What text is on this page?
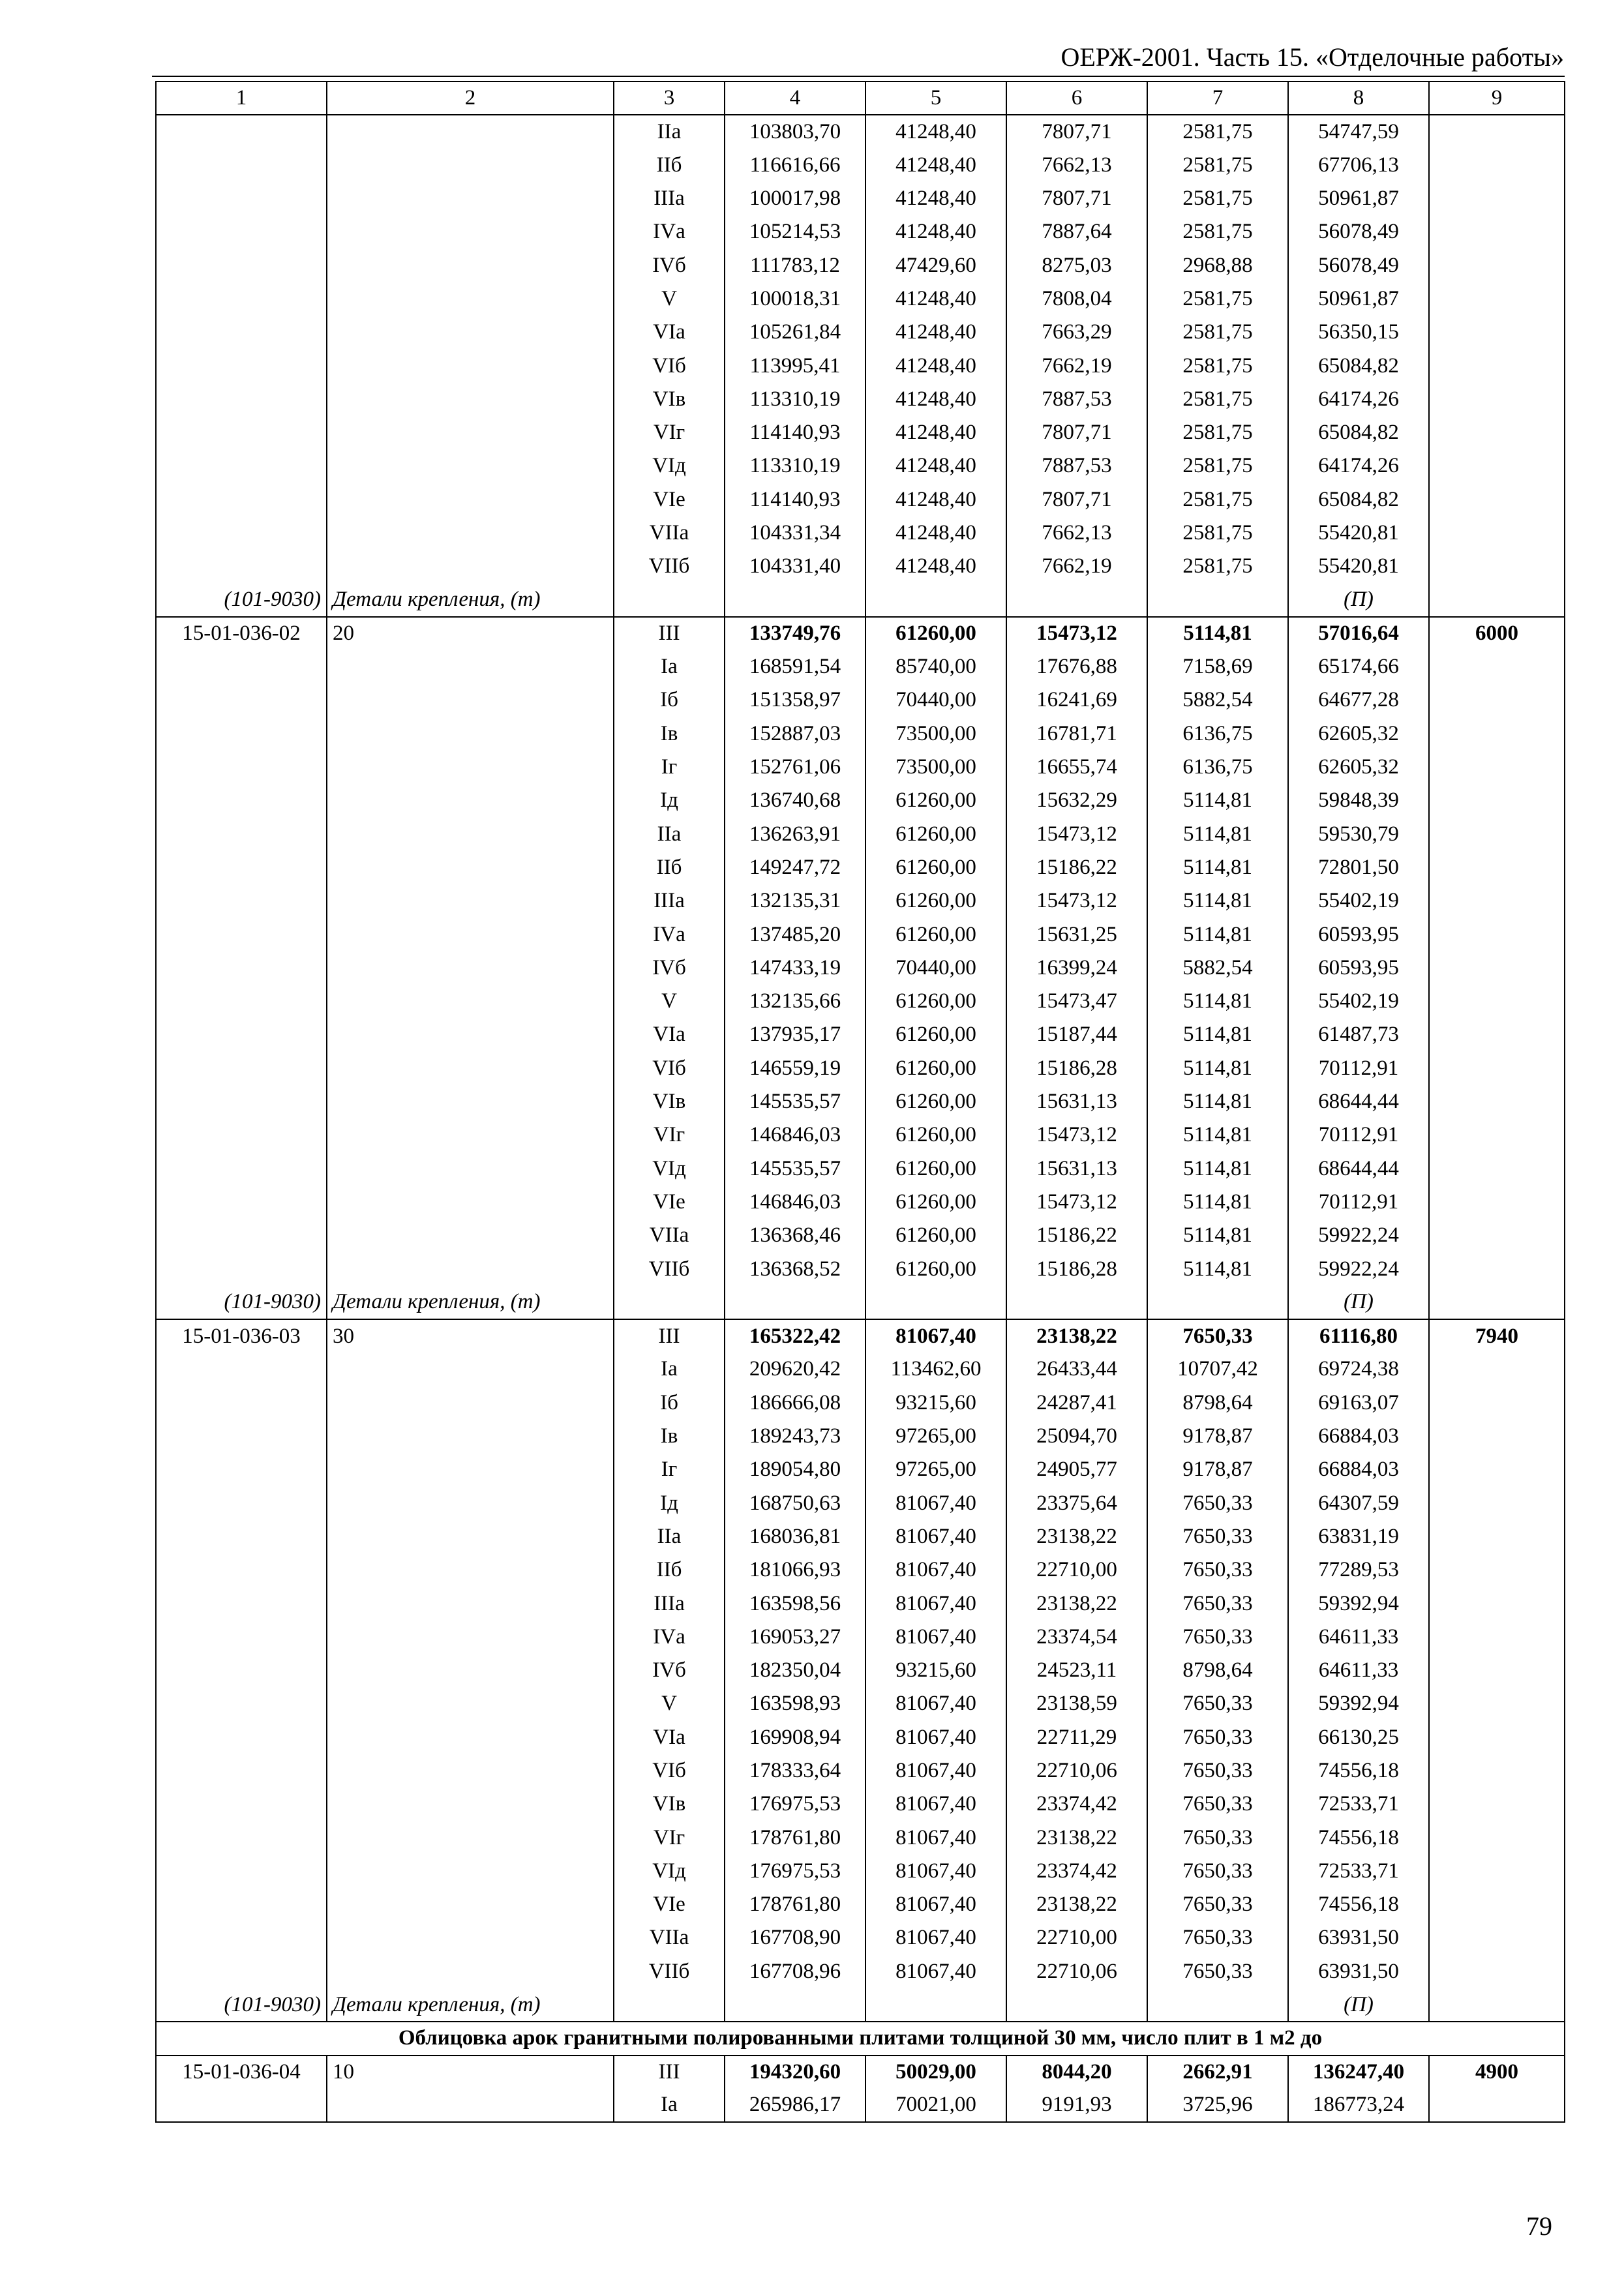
ОЕРЖ-2001. Часть 15. «Отделочные работы»
1	2	3	4	5	6	7	8	9
		IIа	103803,70	41248,40	7807,71	2581,75	54747,59	
		IIб	116616,66	41248,40	7662,13	2581,75	67706,13	
		IIIа	100017,98	41248,40	7807,71	2581,75	50961,87	
		IVа	105214,53	41248,40	7887,64	2581,75	56078,49	
		IVб	111783,12	47429,60	8275,03	2968,88	56078,49	
		V	100018,31	41248,40	7808,04	2581,75	50961,87	
		VIа	105261,84	41248,40	7663,29	2581,75	56350,15	
		VIб	113995,41	41248,40	7662,19	2581,75	65084,82	
		VIв	113310,19	41248,40	7887,53	2581,75	64174,26	
		VIг	114140,93	41248,40	7807,71	2581,75	65084,82	
		VIд	113310,19	41248,40	7887,53	2581,75	64174,26	
		VIе	114140,93	41248,40	7807,71	2581,75	65084,82	
		VIIа	104331,34	41248,40	7662,13	2581,75	55420,81	
		VIIб	104331,40	41248,40	7662,19	2581,75	55420,81	
(101-9030)	Детали крепления, (т)						(П)	
15-01-036-02	20	III	133749,76	61260,00	15473,12	5114,81	57016,64	6000
		Iа	168591,54	85740,00	17676,88	7158,69	65174,66	
		Iб	151358,97	70440,00	16241,69	5882,54	64677,28	
		Iв	152887,03	73500,00	16781,71	6136,75	62605,32	
		Iг	152761,06	73500,00	16655,74	6136,75	62605,32	
		Iд	136740,68	61260,00	15632,29	5114,81	59848,39	
		IIа	136263,91	61260,00	15473,12	5114,81	59530,79	
		IIб	149247,72	61260,00	15186,22	5114,81	72801,50	
		IIIа	132135,31	61260,00	15473,12	5114,81	55402,19	
		IVа	137485,20	61260,00	15631,25	5114,81	60593,95	
		IVб	147433,19	70440,00	16399,24	5882,54	60593,95	
		V	132135,66	61260,00	15473,47	5114,81	55402,19	
		VIа	137935,17	61260,00	15187,44	5114,81	61487,73	
		VIб	146559,19	61260,00	15186,28	5114,81	70112,91	
		VIв	145535,57	61260,00	15631,13	5114,81	68644,44	
		VIг	146846,03	61260,00	15473,12	5114,81	70112,91	
		VIд	145535,57	61260,00	15631,13	5114,81	68644,44	
		VIе	146846,03	61260,00	15473,12	5114,81	70112,91	
		VIIа	136368,46	61260,00	15186,22	5114,81	59922,24	
		VIIб	136368,52	61260,00	15186,28	5114,81	59922,24	
(101-9030)	Детали крепления, (т)						(П)	
15-01-036-03	30	III	165322,42	81067,40	23138,22	7650,33	61116,80	7940
		Iа	209620,42	113462,60	26433,44	10707,42	69724,38	
		Iб	186666,08	93215,60	24287,41	8798,64	69163,07	
		Iв	189243,73	97265,00	25094,70	9178,87	66884,03	
		Iг	189054,80	97265,00	24905,77	9178,87	66884,03	
		Iд	168750,63	81067,40	23375,64	7650,33	64307,59	
		IIа	168036,81	81067,40	23138,22	7650,33	63831,19	
		IIб	181066,93	81067,40	22710,00	7650,33	77289,53	
		IIIа	163598,56	81067,40	23138,22	7650,33	59392,94	
		IVа	169053,27	81067,40	23374,54	7650,33	64611,33	
		IVб	182350,04	93215,60	24523,11	8798,64	64611,33	
		V	163598,93	81067,40	23138,59	7650,33	59392,94	
		VIа	169908,94	81067,40	22711,29	7650,33	66130,25	
		VIб	178333,64	81067,40	22710,06	7650,33	74556,18	
		VIв	176975,53	81067,40	23374,42	7650,33	72533,71	
		VIг	178761,80	81067,40	23138,22	7650,33	74556,18	
		VIд	176975,53	81067,40	23374,42	7650,33	72533,71	
		VIе	178761,80	81067,40	23138,22	7650,33	74556,18	
		VIIа	167708,90	81067,40	22710,00	7650,33	63931,50	
		VIIб	167708,96	81067,40	22710,06	7650,33	63931,50	
(101-9030)	Детали крепления, (т)						(П)	
Облицовка арок гранитными полированными плитами толщиной 30 мм, число плит в 1 м2 до								
15-01-036-04	10	III	194320,60	50029,00	8044,20	2662,91	136247,40	4900
		Iа	265986,17	70021,00	9191,93	3725,96	186773,24	
79
